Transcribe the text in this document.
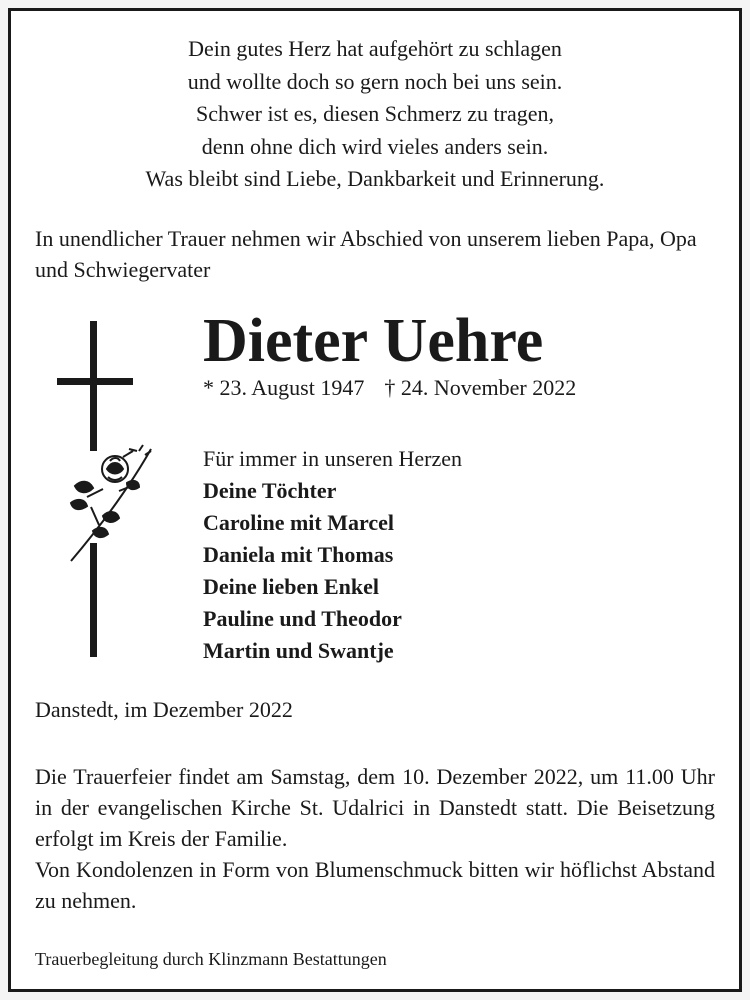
Dein gutes Herz hat aufgehört zu schlagen
und wollte doch so gern noch bei uns sein.
Schwer ist es, diesen Schmerz zu tragen,
denn ohne dich wird vieles anders sein.
Was bleibt sind Liebe, Dankbarkeit und Erinnerung.
In unendlicher Trauer nehmen wir Abschied von unserem lieben Papa, Opa und Schwiegervater
Dieter Uehre
* 23. August 1947 † 24. November 2022
Für immer in unseren Herzen
Deine Töchter
Caroline mit Marcel
Daniela mit Thomas
Deine lieben Enkel
Pauline und Theodor
Martin und Swantje
Danstedt, im Dezember 2022

Die Trauerfeier findet am Samstag, dem 10. Dezember 2022, um 11.00 Uhr in der evangelischen Kirche St. Udalrici in Danstedt statt. Die Beisetzung erfolgt im Kreis der Familie.

Von Kondolenzen in Form von Blumenschmuck bitten wir höflichst Abstand zu nehmen.

Trauerbegleitung durch Klinzmann Bestattungen
